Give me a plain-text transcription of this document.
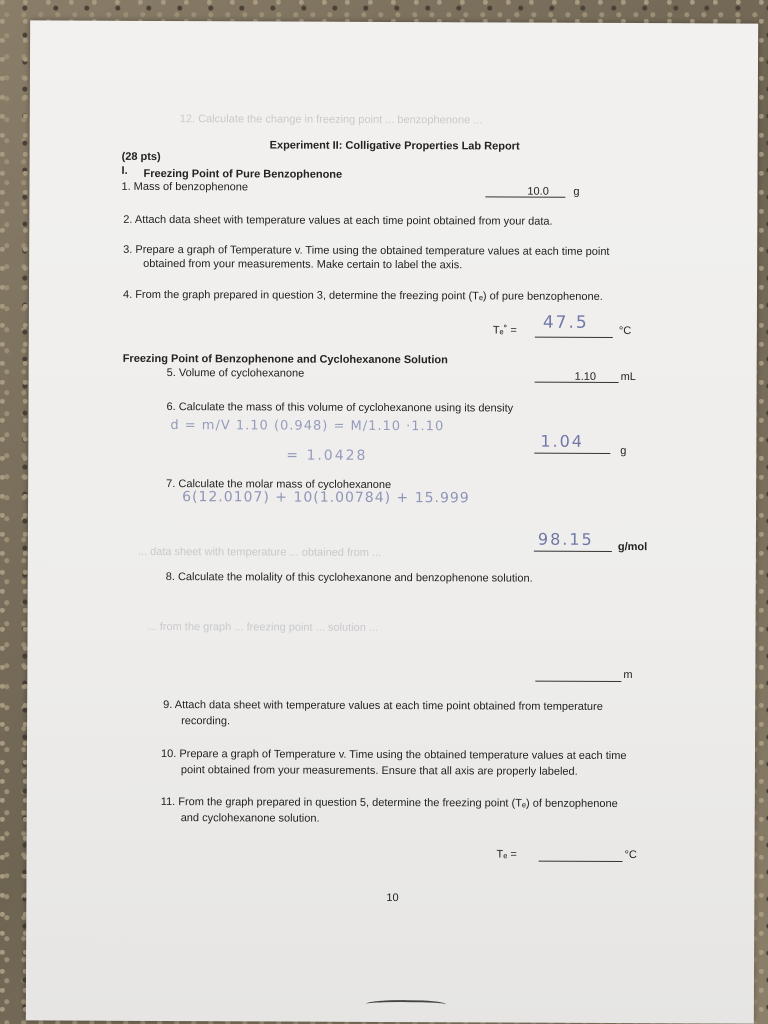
12. Calculate the change in freezing point ... benzophenone ...
Experiment II: Colligative Properties Lab Report
(28 pts)
I. Freezing Point of Pure Benzophenone
1. Mass of benzophenone	10.0 g
2. Attach data sheet with temperature values at each time point obtained from your data.
3. Prepare a graph of Temperature v. Time using the obtained temperature values at each time point
obtained from your measurements. Make certain to label the axis.
4. From the graph prepared in question 3, determine the freezing point (Tₑ) of pure benzophenone.
Tₑ˚ = 47.5	°C
Freezing Point of Benzophenone and Cyclohexanone Solution
5. Volume of cyclohexanone	1.10 mL
6. Calculate the mass of this volume of cyclohexanone using its density
d = m/V 1.10 (0.948) = M/1.10 ·1.10
= 1.0428
1.04
g
7. Calculate the molar mass of cyclohexanone
6(12.0107) + 10(1.00784) + 15.999
98.15 g/mol
... data sheet with temperature ... obtained from ...
8. Calculate the molality of this cyclohexanone and benzophenone solution.
... from the graph ... freezing point ... solution ...
m
9. Attach data sheet with temperature values at each time point obtained from temperature
recording.
10. Prepare a graph of Temperature v. Time using the obtained temperature values at each time
point obtained from your measurements. Ensure that all axis are properly labeled.
11. From the graph prepared in question 5, determine the freezing point (Tₑ) of benzophenone
and cyclohexanone solution.
Tₑ =	°C
10
